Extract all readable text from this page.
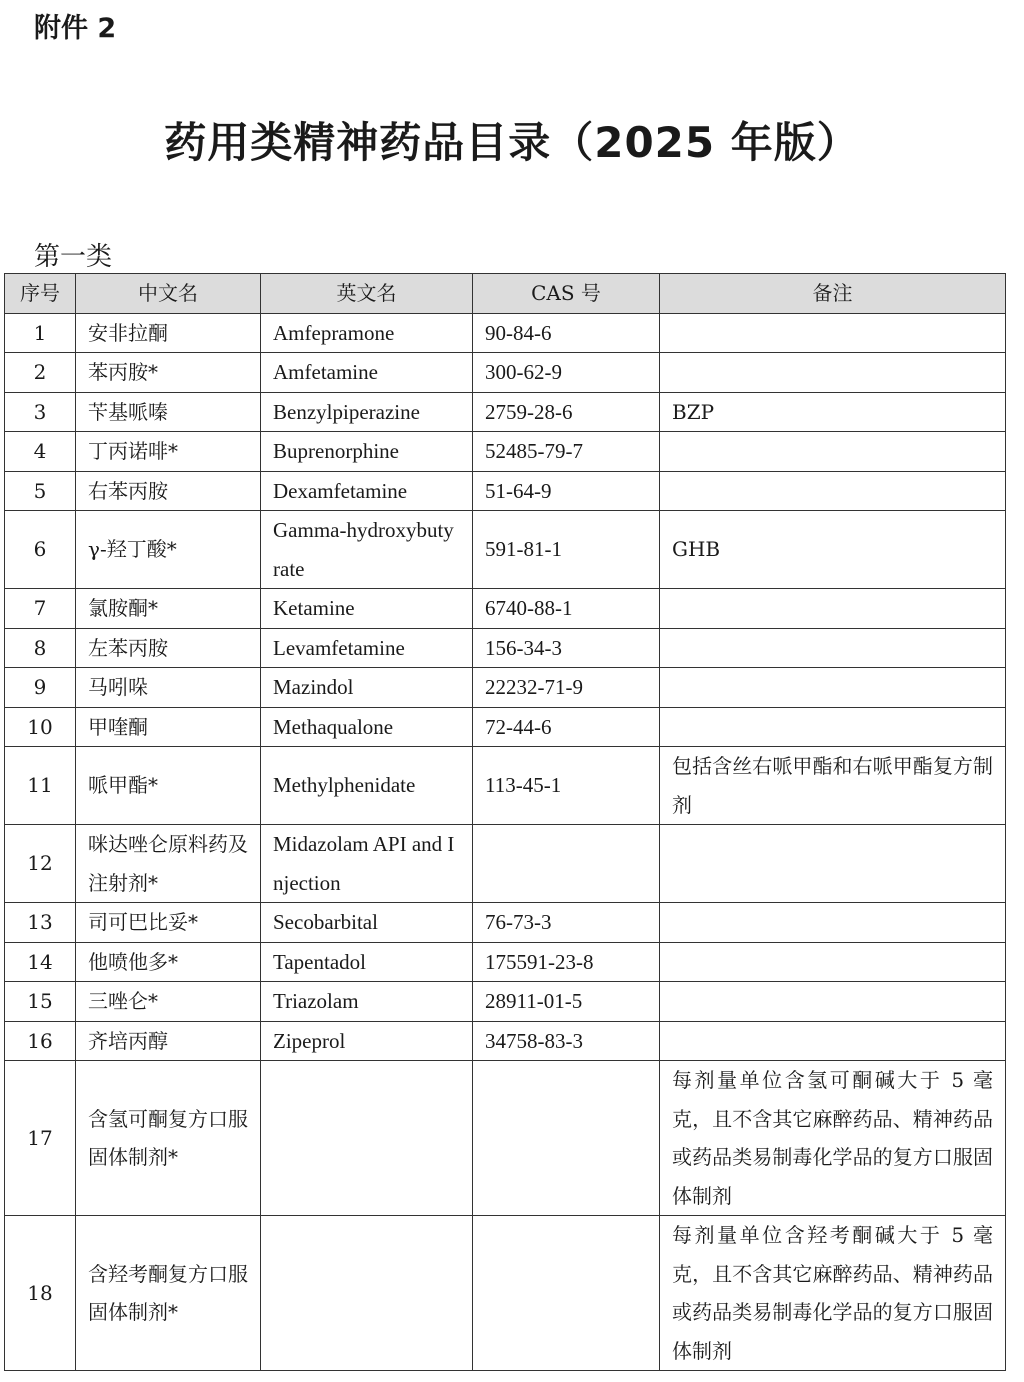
附件 2
药用类精神药品目录（2025 年版）
第一类
序号	中文名	英文名	CAS 号	备注
1	安非拉酮	Amfepramone	90-84-6	
2	苯丙胺*	Amfetamine	300-62-9	
3	苄基哌嗪	Benzylpiperazine	2759-28-6	BZP
4	丁丙诺啡*	Buprenorphine	52485-79-7	
5	右苯丙胺	Dexamfetamine	51-64-9	
6	γ-羟丁酸*	Gamma-hydroxybutyrate	591-81-1	GHB
7	氯胺酮*	Ketamine	6740-88-1	
8	左苯丙胺	Levamfetamine	156-34-3	
9	马吲哚	Mazindol	22232-71-9	
10	甲喹酮	Methaqualone	72-44-6	
11	哌甲酯*	Methylphenidate	113-45-1	包括含丝右哌甲酯和右哌甲酯复方制剂
12	咪达唑仑原料药及注射剂*	Midazolam API and Injection		
13	司可巴比妥*	Secobarbital	76-73-3	
14	他喷他多*	Tapentadol	175591-23-8	
15	三唑仑*	Triazolam	28911-01-5	
16	齐培丙醇	Zipeprol	34758-83-3	
17	含氢可酮复方口服固体制剂*			每剂量单位含氢可酮碱大于 5 毫克，且不含其它麻醉药品、精神药品或药品类易制毒化学品的复方口服固体制剂
18	含羟考酮复方口服固体制剂*			每剂量单位含羟考酮碱大于 5 毫克，且不含其它麻醉药品、精神药品或药品类易制毒化学品的复方口服固体制剂
